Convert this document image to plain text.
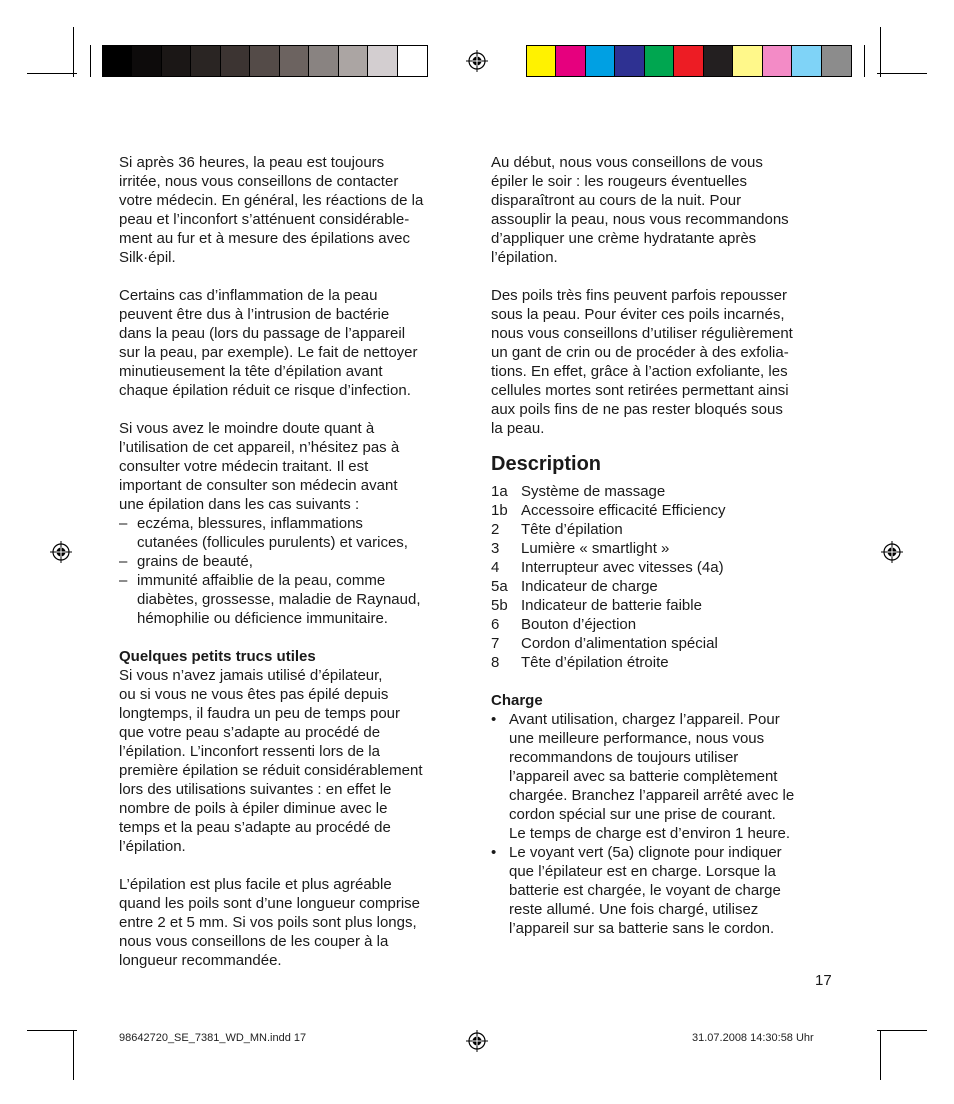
Si après 36 heures, la peau est toujours
irritée, nous vous conseillons de contacter
votre médecin. En général, les réactions de la
peau et l’inconfort s’atténuent considérable-
ment au fur et à mesure des épilations avec
Silk·épil.

Certains cas d’inflammation de la peau
peuvent être dus à l’intrusion de bactérie
dans la peau (lors du passage de l’appareil
sur la peau, par exemple). Le fait de nettoyer
minutieusement la tête d’épilation avant
chaque épilation réduit ce risque d’infection.

Si vous avez le moindre doute quant à
l’utilisation de cet appareil, n’hésitez pas à
consulter votre médecin traitant. Il est
important de consulter son médecin avant
une épilation dans les cas suivants :

– eczéma, blessures, inflammations
cutanées (follicules purulents) et varices,
– grains de beauté,
– immunité affaiblie de la peau, comme
diabètes, grossesse, maladie de Raynaud,
hémophilie ou déficience immunitaire.

Quelques petits trucs utiles

Si vous n’avez jamais utilisé d’épilateur,
ou si vous ne vous êtes pas épilé depuis
longtemps, il faudra un peu de temps pour
que votre peau s’adapte au procédé de
l’épilation. L’inconfort ressenti lors de la
première épilation se réduit considérablement
lors des utilisations suivantes : en effet le
nombre de poils à épiler diminue avec le
temps et la peau s’adapte au procédé de
l’épilation.

L’épilation est plus facile et plus agréable
quand les poils sont d’une longueur comprise
entre 2 et 5 mm. Si vos poils sont plus longs,
nous vous conseillons de les couper à la
longueur recommandée.

Au début, nous vous conseillons de vous
épiler le soir : les rougeurs éventuelles
disparaîtront au cours de la nuit. Pour
assouplir la peau, nous vous recommandons
d’appliquer une crème hydratante après
l’épilation.

Des poils très fins peuvent parfois repousser
sous la peau. Pour éviter ces poils incarnés,
nous vous conseillons d’utiliser régulièrement
un gant de crin ou de procéder à des exfolia-
tions. En effet, grâce à l’action exfoliante, les
cellules mortes sont retirées permettant ainsi
aux poils fins de ne pas rester bloqués sous
la peau.

Description
1a Système de massage
1b Accessoire efficacité Efficiency
2	Tête d’épilation
3	Lumière « smartlight »
4	Interrupteur avec vitesses (4a)
5a Indicateur de charge
5b Indicateur de batterie faible
6	Bouton d’éjection
7	Cordon d’alimentation spécial
8	Tête d’épilation étroite

Charge

• Avant utilisation, chargez l’appareil. Pour
une meilleure performance, nous vous
recommandons de toujours utiliser
l’appareil avec sa batterie complètement
chargée. Branchez l’appareil arrêté avec le
cordon spécial sur une prise de courant.
Le temps de charge est d’environ 1 heure.
• Le voyant vert (5a) clignote pour indiquer
que l’épilateur est en charge. Lorsque la
batterie est chargée, le voyant de charge
reste allumé. Une fois chargé, utilisez
l’appareil sur sa batterie sans le cordon.
17
98642720_SE_7381_WD_MN.indd 17	31.07.2008 14:30:58 Uhr
